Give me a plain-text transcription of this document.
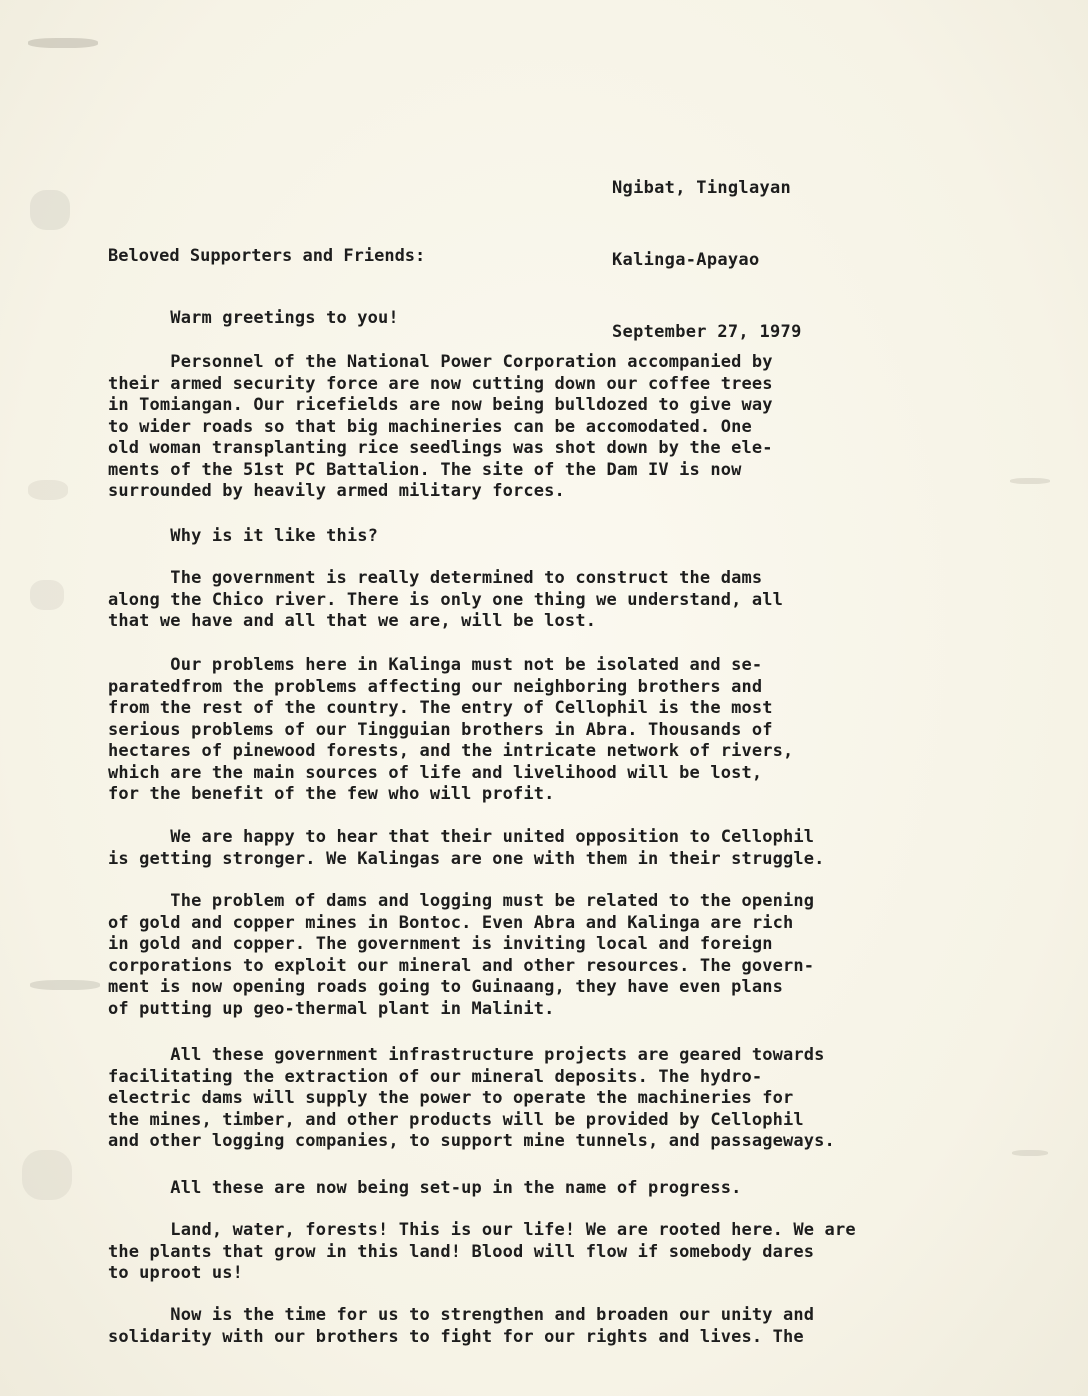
Ngibat, Tinglayan

Kalinga-Apayao

September 27, 1979

Beloved Supporters and Friends:
Warm greetings to you!
Personnel of the National Power Corporation accompanied by
their armed security force are now cutting down our coffee trees
in Tomiangan. Our ricefields are now being bulldozed to give way
to wider roads so that big machineries can be accomodated. One
old woman transplanting rice seedlings was shot down by the ele-
ments of the 51st PC Battalion. The site of the Dam IV is now
surrounded by heavily armed military forces.
Why is it like this?
The government is really determined to construct the dams
along the Chico river. There is only one thing we understand, all
that we have and all that we are, will be lost.
Our problems here in Kalinga must not be isolated and se-
paratedfrom the problems affecting our neighboring brothers and
from the rest of the country. The entry of Cellophil is the most
serious problems of our Tingguian brothers in Abra. Thousands of
hectares of pinewood forests, and the intricate network of rivers,
which are the main sources of life and livelihood will be lost,
for the benefit of the few who will profit.
We are happy to hear that their united opposition to Cellophil
is getting stronger. We Kalingas are one with them in their struggle.
The problem of dams and logging must be related to the opening
of gold and copper mines in Bontoc. Even Abra and Kalinga are rich
in gold and copper. The government is inviting local and foreign
corporations to exploit our mineral and other resources. The govern-
ment is now opening roads going to Guinaang, they have even plans
of putting up geo-thermal plant in Malinit.
All these government infrastructure projects are geared towards
facilitating the extraction of our mineral deposits. The hydro-
electric dams will supply the power to operate the machineries for
the mines, timber, and other products will be provided by Cellophil
and other logging companies, to support mine tunnels, and passageways.
All these are now being set-up in the name of progress.
Land, water, forests! This is our life! We are rooted here. We are
the plants that grow in this land! Blood will flow if somebody dares
to uproot us!
Now is the time for us to strengthen and broaden our unity and
solidarity with our brothers to fight for our rights and lives. The
